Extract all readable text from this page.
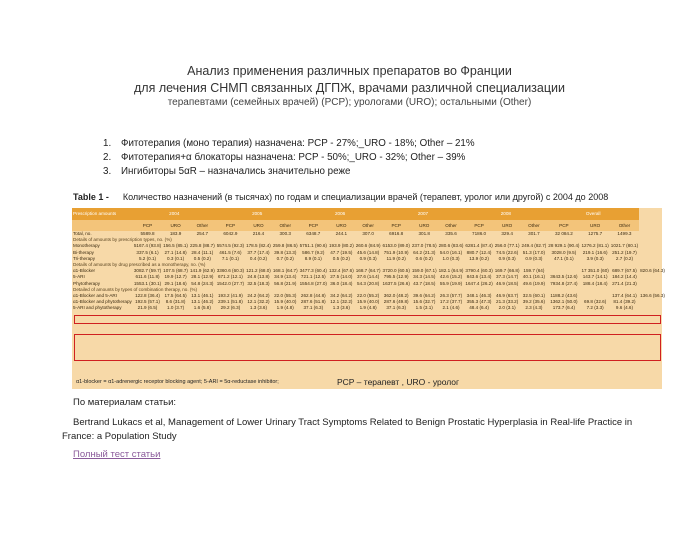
Анализ применения различных препаратов во Франции
для лечения СНМП связанных ДГПЖ, врачами различной специализации
терапевтами (семейных врачей) (PCP); урологами (URO); остальными (Other)
1. Фитотерапия (моно терапия) назначена: PCP - 27%;_URO - 18%; Other – 21%
2. Фитотерапия+α блокаторы назначена: PCP - 50%;_URO - 32%; Other – 39%
3. Ингибиторы 5αR – назначались значительно реже
Table 1 - Количество назначений (в тысячах) по годам и специализации врачей (терапевт, уролог или другой) с 2004 до 2008
Prescription amounts	2004			2005			2006			2007			2008			Overall			
	PCP	URO	Other	PCP	URO	Other	PCP	URO	Other	PCP	URO	Other	PCP	URO	Other	PCP	URO	Other	
Total, no.	5589.8	183.9	254.7	6042.9	216.4	300.3	6348.7	244.1	307.0	6916.8	301.8	335.6	7186.0	329.4	301.7	32 084.2	1275.7	1499.3	
Details of amounts by prescription types, no. (%)																			
Monotherapy	5167.4 (93.8)	156.5 (85.1)	225.8 (88.7)	5574.5 (92.3)	178.5 (82.4)	259.8 (86.5)	5751.1 (90.6)	193.9 (80.2)	260.6 (84.9)	6153.0 (89.0)	237.0 (78.5)	280.6 (83.6)	6281.4 (87.4)	256.0 (77.1)	249.4 (82.7)	28 929.1 (90.4)	1276.2 (81.1)	1021.7 (80.1)	
Bi-therapy	337.5 (6.1)	27.1 (14.8)	28.4 (11.1)	461.5 (7.6)	37.7 (17.4)	39.8 (13.3)	586.7 (9.2)	47.7 (19.5)	45.6 (14.8)	751.9 (10.9)	64.2 (21.3)	54.0 (16.1)	880.7 (12.4)	74.5 (22.6)	51.3 (17.0)	3028.0 (9.5)	219.1 (16.6)	251.2 (19.7)	
Tri-therapy	5.2 (0.1)	0.3 (0.1)	0.5 (0.2)	7.1 (0.1)	0.4 (0.2)	0.7 (0.2)	8.9 (0.1)	0.5 (0.2)	0.9 (0.3)	11.9 (0.2)	0.6 (0.2)	1.0 (0.3)	13.9 (0.2)	0.9 (0.3)	0.9 (0.3)	47.1 (0.1)	3.9 (0.3)	2.7 (0.2)	
Details of amounts by drug prescribed as a monotherapy, no. (%)																			
α1-Blocker	3082.7 (59.7)	107.5 (68.7)	141.9 (62.9)	3360.6 (60.3)	121.2 (68.0)	168.1 (64.7)	3477.3 (60.4)	132.4 (67.6)	168.7 (64.7)	3720.0 (60.5)	159.0 (67.1)	182.1 (64.9)	3790.4 (60.3)	169.7 (66.8)	159.7 (64)		17 351.0 (60)	689.7 (67.5)	820.6 (64.3)
5-ARI	611.6 (11.8)	19.9 (12.7)	28.1 (12.9)	671.2 (12.1)	24.6 (13.8)	34.9 (13.4)	721.1 (12.5)	27.5 (14.0)	37.6 (14.4)	795.5 (12.9)	34.3 (14.5)	42.6 (15.2)	843.6 (13.4)	37.3 (14.7)	40.1 (16.1)	3643.5 (12.6)	143.7 (14.1)	184.2 (14.4)	
Phytotherapy	1553.1 (30.1)	29.1 (18.6)	54.8 (24.3)	1542.0 (27.7)	32.5 (18.3)	56.8 (21.9)	1554.8 (27.0)	36.0 (18.4)	54.3 (20.8)	1637.5 (26.6)	43.7 (18.5)	55.9 (19.9)	1647.4 (26.2)	46.9 (18.5)	49.6 (19.9)	7934.8 (27.4)	188.4 (18.4)	271.4 (21.3)	
Detailed of amounts by types of combination therapy, no. (%)																			
α1-Blocker and 5-ARI	122.8 (36.4)	17.5 (64.5)	13.1 (46.1)	193.2 (41.9)	24.2 (64.2)	22.0 (55.3)	262.8 (44.8)	34.2 (64.2)	22.0 (55.2)	362.0 (48.2)	39.6 (64.2)	26.3 (57.7)	348.1 (46.3)	46.9 (63.7)	32.5 (60.1)	1188.2 (43.6)		137.4 (64.1)	136.6 (56.3)
α1-Blocker and phytotherapy	192.5 (57.1)	8.6 (31.8)	13.1 (46.2)	239.1 (51.8)	12.1 (32.2)	15.9 (40.0)	287.6 (51.8)	12.1 (32.2)	15.9 (40.0)	287.6 (49.8)	15.6 (32.7)	17.2 (37.7)	355.3 (47.3)	21.3 (33.2)	39.2 (35.6)	1362.1 (50.0)	69.8 (32.6)	81.4 (39.2)	
5-ARI and phytotherapy	21.9 (6.5)	1.0 (3.7)	1.6 (5.8)	29.2 (6.3)	1.3 (3.6)	1.9 (4.8)	37.1 (6.3)	1.3 (3.6)	1.9 (4.8)	37.1 (6.3)	1.5 (3.1)	2.1 (4.6)	48.4 (6.4)	2.0 (3.1)	2.3 (4.3)	173.7 (6.4)	7.2 (3.3)	9.6 (4.6)	
α1-blocker = α1-adrenergic receptor blocking agent; 5-ARI = 5α-reductase inhibitor;	PCP – терапевт , URO - уролог
По материалам статьи:
Bertrand Lukacs et al, Management of Lower Urinary Tract Symptoms Related to Benign Prostatic Hyperplasia in Real-life Practice in France: a Population Study
Полный тест статьи
